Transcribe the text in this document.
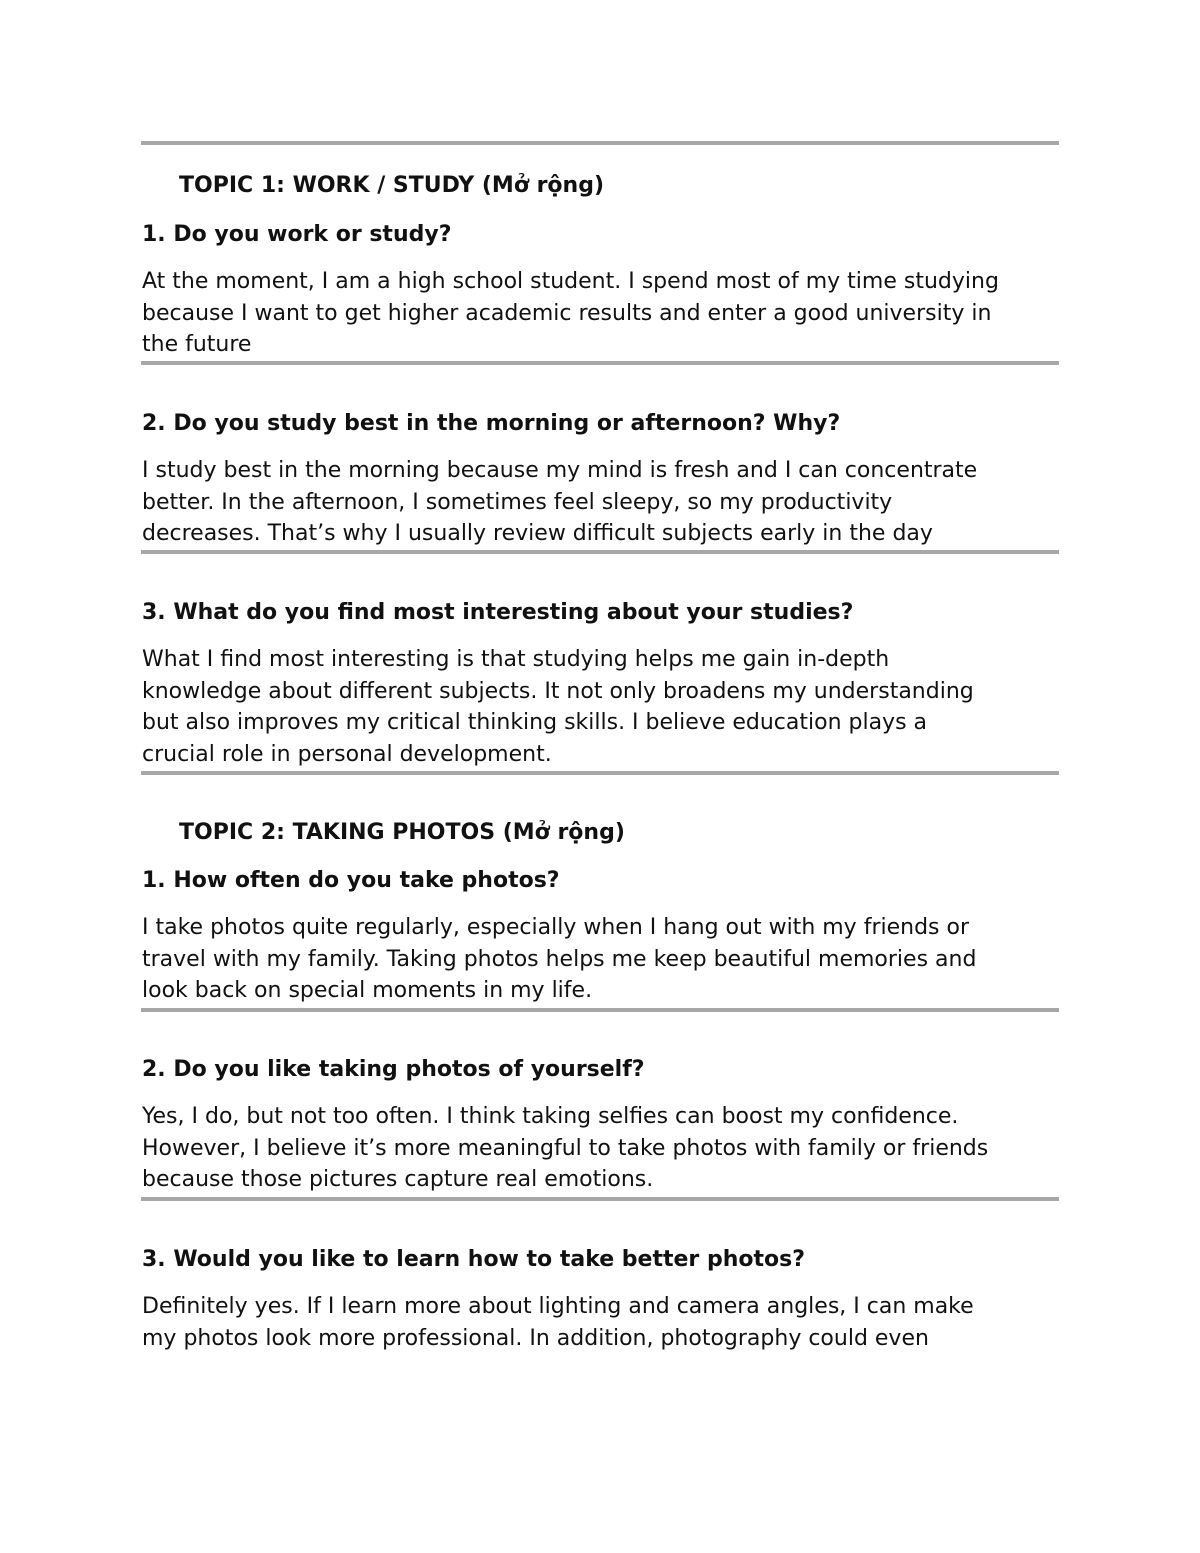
TOPIC 1: WORK / STUDY (Mở rộng)
1. Do you work or study?
At the moment, I am a high school student. I spend most of my time studying
because I want to get higher academic results and enter a good university in
the future
2. Do you study best in the morning or afternoon? Why?
I study best in the morning because my mind is fresh and I can concentrate
better. In the afternoon, I sometimes feel sleepy, so my productivity
decreases. That’s why I usually review difficult subjects early in the day
3. What do you find most interesting about your studies?
What I find most interesting is that studying helps me gain in-depth
knowledge about different subjects. It not only broadens my understanding
but also improves my critical thinking skills. I believe education plays a
crucial role in personal development.
TOPIC 2: TAKING PHOTOS (Mở rộng)
1. How often do you take photos?
I take photos quite regularly, especially when I hang out with my friends or
travel with my family. Taking photos helps me keep beautiful memories and
look back on special moments in my life.
2. Do you like taking photos of yourself?
Yes, I do, but not too often. I think taking selfies can boost my confidence.
However, I believe it’s more meaningful to take photos with family or friends
because those pictures capture real emotions.
3. Would you like to learn how to take better photos?
Definitely yes. If I learn more about lighting and camera angles, I can make
my photos look more professional. In addition, photography could even
